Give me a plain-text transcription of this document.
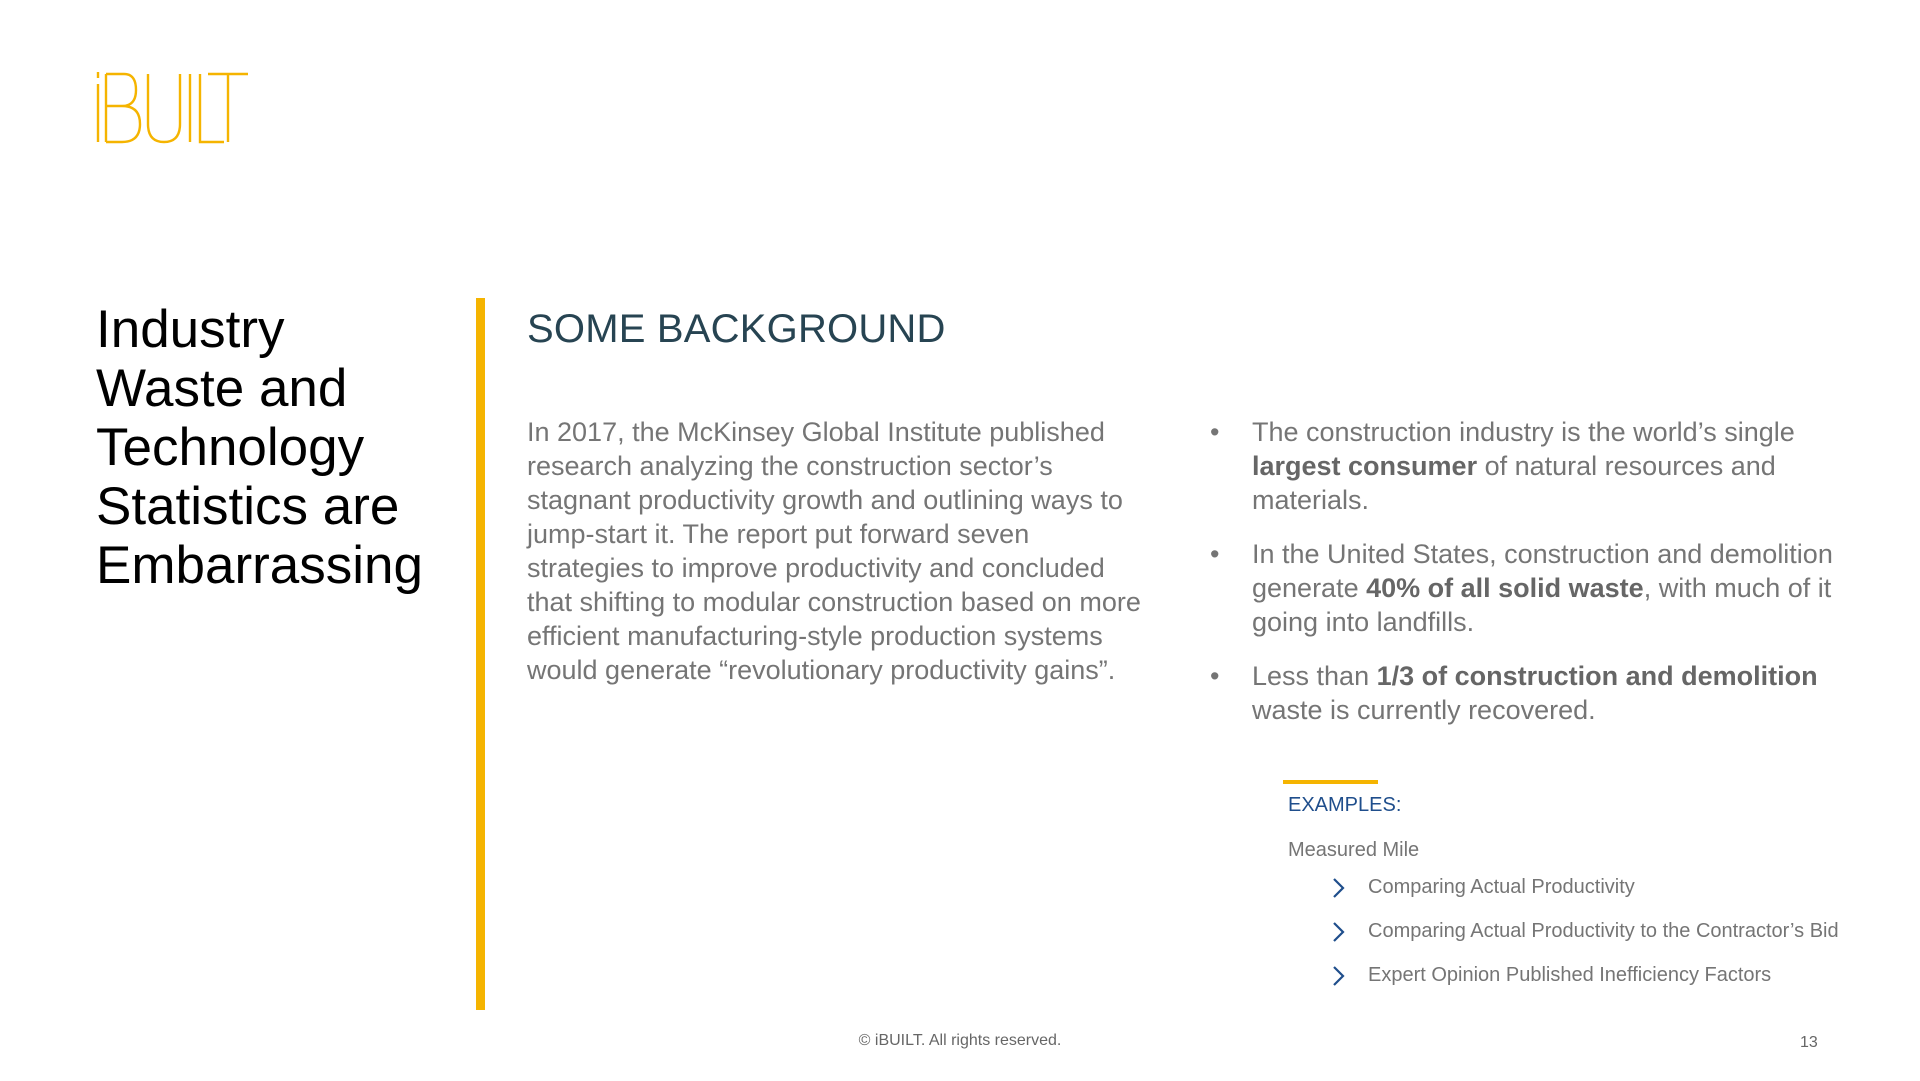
Industry
Waste and
Technology
Statistics are
Embarrassing
SOME BACKGROUND

In 2017, the McKinsey Global Institute published research analyzing the construction sector’s stagnant productivity growth and outlining ways to jump-start it. The report put forward seven strategies to improve productivity and concluded that shifting to modular construction based on more efficient manufacturing-style production systems would generate “revolutionary productivity gains”.

• The construction industry is the world’s single largest consumer of natural resources and materials.
• In the United States, construction and demolition generate 40% of all solid waste, with much of it going into landfills.
• Less than 1/3 of construction and demolition waste is currently recovered.
EXAMPLES:
Measured Mile
Comparing Actual Productivity
Comparing Actual Productivity to the Contractor’s Bid
Expert Opinion Published Inefficiency Factors
© iBUILT. All rights reserved.	13
